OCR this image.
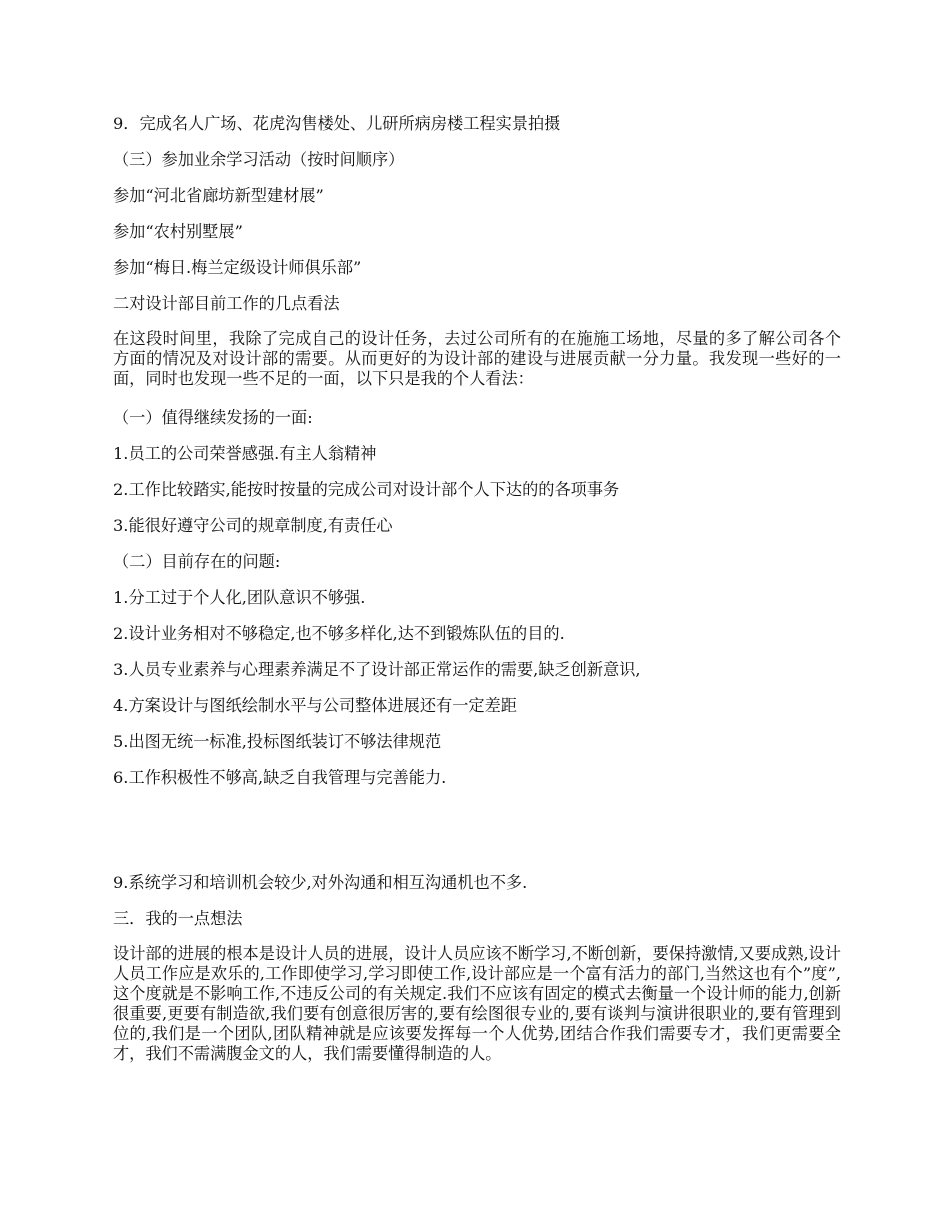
9．完成名人广场、花虎沟售楼处、儿研所病房楼工程实景拍摄
（三）参加业余学习活动（按时间顺序）
参加“河北省廊坊新型建材展”
参加“农村别墅展”
参加“梅日.梅兰定级设计师俱乐部”
二对设计部目前工作的几点看法
在这段时间里，我除了完成自己的设计任务，去过公司所有的在施施工场地，尽量的多了解公司各个方面的情况及对设计部的需要。从而更好的为设计部的建设与进展贡献一分力量。我发现一些好的一面，同时也发现一些不足的一面，以下只是我的个人看法：
（一）值得继续发扬的一面:
1.员工的公司荣誉感强.有主人翁精神
2.工作比较踏实,能按时按量的完成公司对设计部个人下达的的各项事务
3.能很好遵守公司的规章制度,有责任心
（二）目前存在的问题:
1.分工过于个人化,团队意识不够强.
2.设计业务相对不够稳定,也不够多样化,达不到锻炼队伍的目的.
3.人员专业素养与心理素养满足不了设计部正常运作的需要,缺乏创新意识,
4.方案设计与图纸绘制水平与公司整体进展还有一定差距
5.出图无统一标准,投标图纸装订不够法律规范
6.工作积极性不够高,缺乏自我管理与完善能力.
9.系统学习和培训机会较少,对外沟通和相互沟通机也不多.
三．我的一点想法
设计部的进展的根本是设计人员的进展，设计人员应该不断学习,不断创新，要保持激情,又要成熟,设计人员工作应是欢乐的,工作即使学习,学习即使工作,设计部应是一个富有活力的部门,当然这也有个”度”,这个度就是不影响工作,不违反公司的有关规定.我们不应该有固定的模式去衡量一个设计师的能力,创新很重要,更要有制造欲,我们要有创意很厉害的,要有绘图很专业的,要有谈判与演讲很职业的,要有管理到位的,我们是一个团队,团队精神就是应该要发挥每一个人优势,团结合作我们需要专才，我们更需要全才，我们不需满腹金文的人，我们需要懂得制造的人。
